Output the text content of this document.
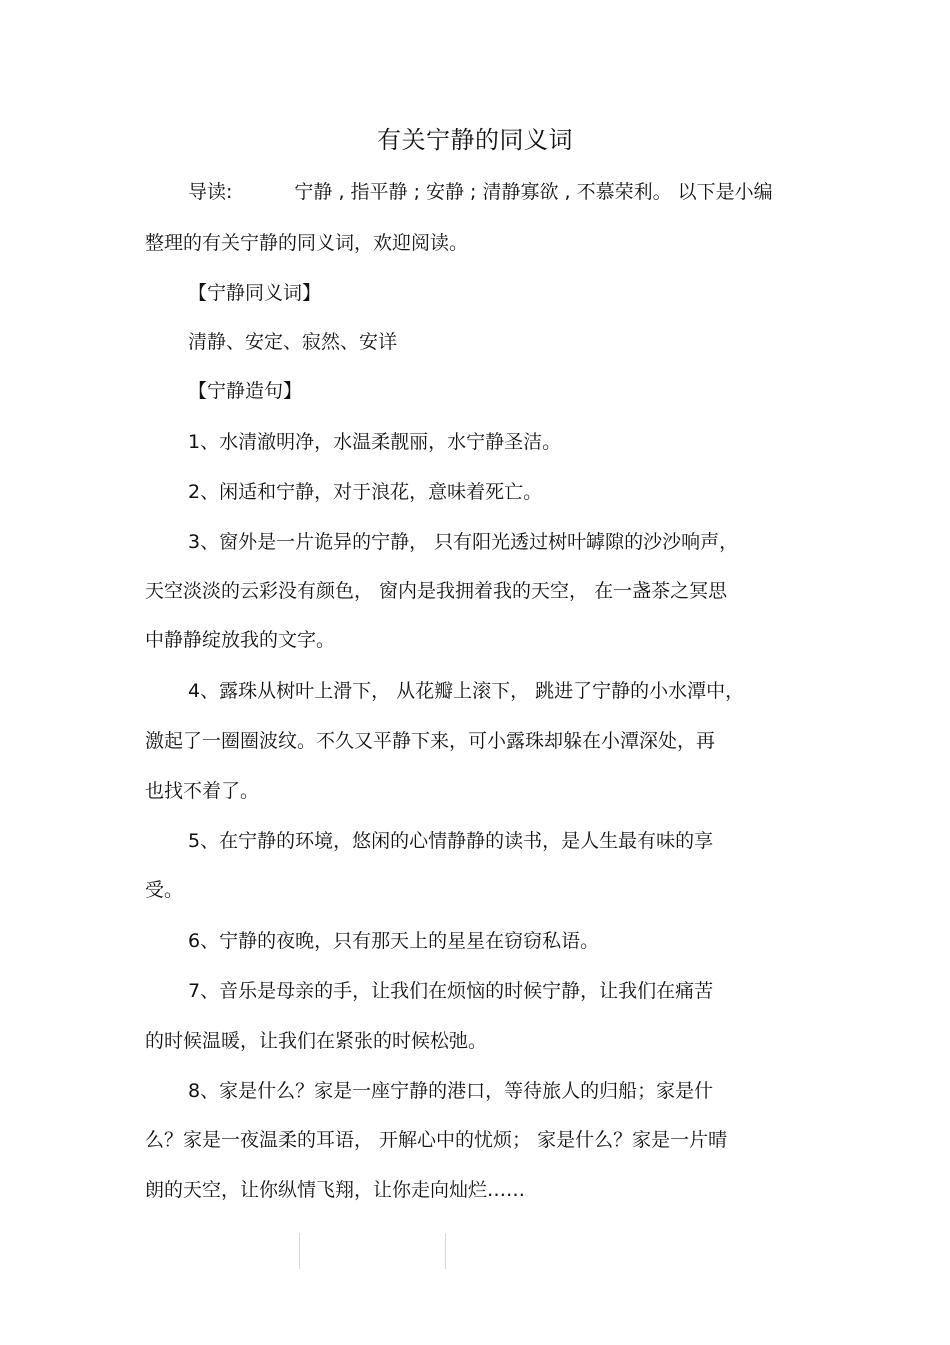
有关宁静的同义词
导读:	宁静 , 指平静 ; 安静 ; 清静寡欲 , 不慕荣利。 以下是小编
整理的有关宁静的同义词，欢迎阅读。
【宁静同义词】
清静、安定、寂然、安详
【宁静造句】
1、水清澈明净，水温柔靓丽，水宁静圣洁。
2、闲适和宁静，对于浪花，意味着死亡。
3、窗外是一片诡异的宁静， 只有阳光透过树叶罅隙的沙沙响声，
天空淡淡的云彩没有颜色， 窗内是我拥着我的天空， 在一盏茶之冥思
中静静绽放我的文字。
4、露珠从树叶上滑下， 从花瓣上滚下， 跳进了宁静的小水潭中，
激起了一圈圈波纹。不久又平静下来，可小露珠却躲在小潭深处，再
也找不着了。
5、在宁静的环境，悠闲的心情静静的读书，是人生最有味的享
受。
6、宁静的夜晚，只有那天上的星星在窃窃私语。
7、音乐是母亲的手，让我们在烦恼的时候宁静，让我们在痛苦
的时候温暖，让我们在紧张的时候松弛。
8、家是什么？家是一座宁静的港口，等待旅人的归船；家是什
么？家是一夜温柔的耳语， 开解心中的忧烦； 家是什么？家是一片晴
朗的天空，让你纵情飞翔，让你走向灿烂……
